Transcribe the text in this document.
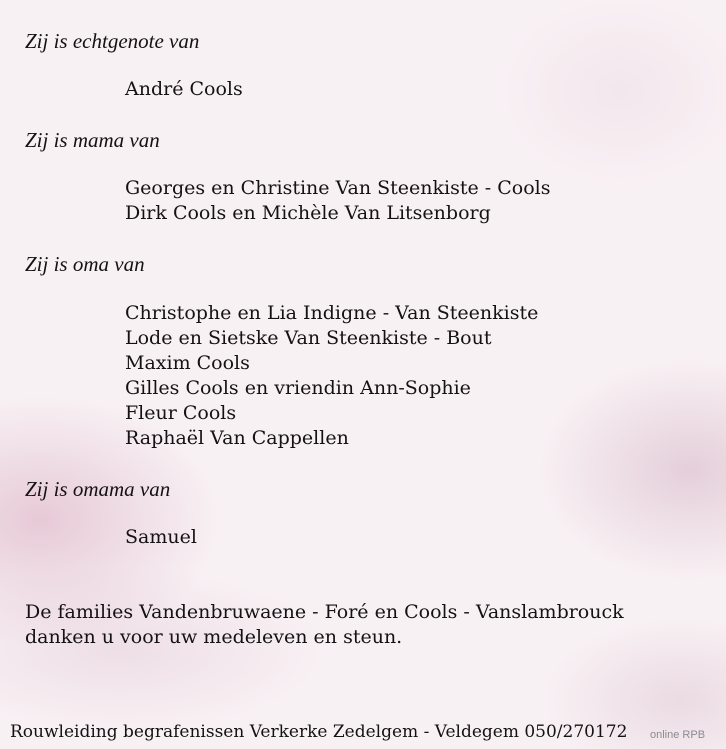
Zij is echtgenote van
André Cools
Zij is mama van
Georges en Christine Van Steenkiste - Cools
Dirk Cools en Michèle Van Litsenborg
Zij is oma van
Christophe en Lia Indigne - Van Steenkiste
Lode en Sietske Van Steenkiste - Bout
Maxim Cools
Gilles Cools en vriendin Ann-Sophie
Fleur Cools
Raphaël Van Cappellen
Zij is omama van
Samuel
De families Vandenbruwaene - Foré en Cools - Vanslambrouck
danken u voor uw medeleven en steun.
Rouwleiding begrafenissen Verkerke Zedelgem - Veldegem 050/270172 online RPB
